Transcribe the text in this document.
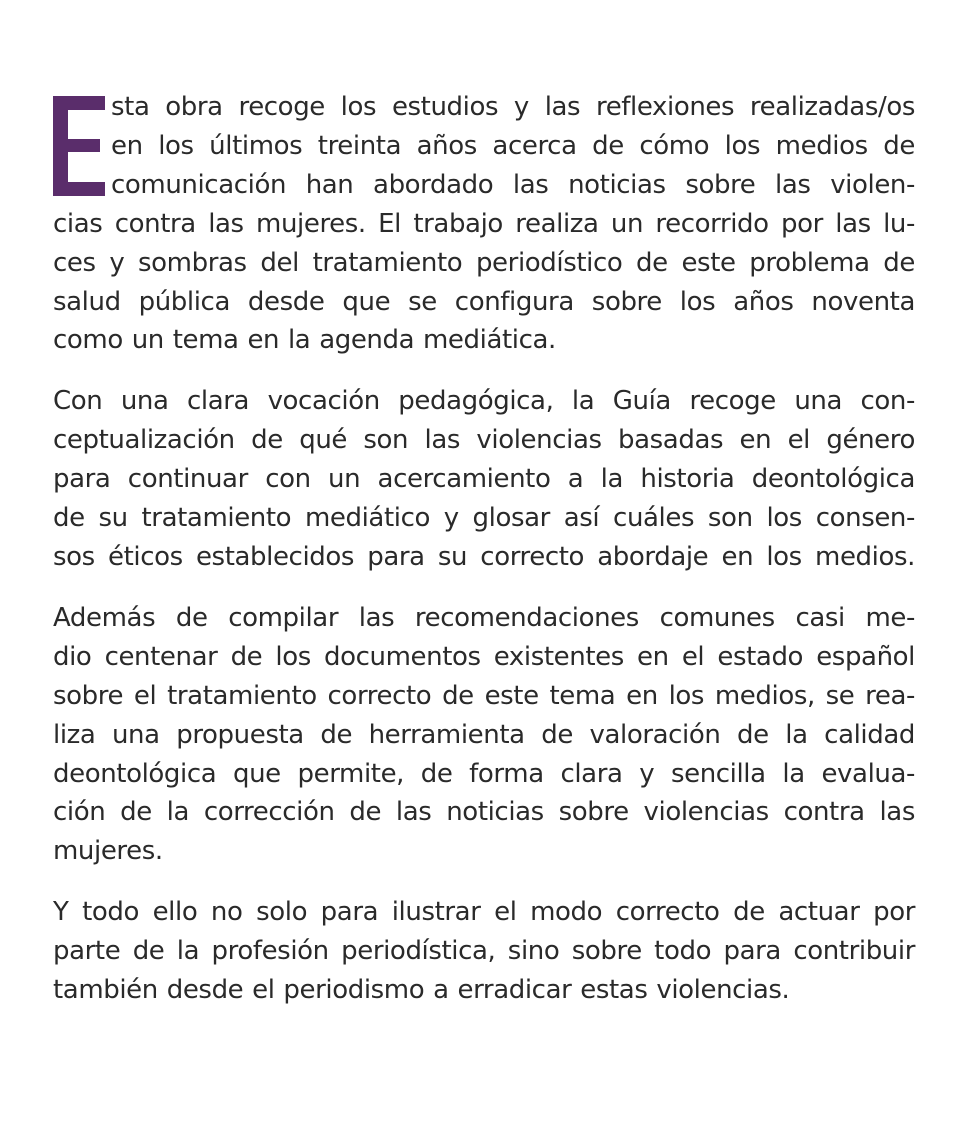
sta obra recoge los estudios y las reflexiones realizadas/os
en los últimos treinta años acerca de cómo los medios de
comunicación han abordado las noticias sobre las violen-
cias contra las mujeres. El trabajo realiza un recorrido por las lu-
ces y sombras del tratamiento periodístico de este problema de
salud pública desde que se configura sobre los años noventa
como un tema en la agenda mediática.
Con una clara vocación pedagógica, la Guía recoge una con-
ceptualización de qué son las violencias basadas en el género
para continuar con un acercamiento a la historia deontológica
de su tratamiento mediático y glosar así cuáles son los consen-
sos éticos establecidos para su correcto abordaje en los medios.
Además de compilar las recomendaciones comunes casi me-
dio centenar de los documentos existentes en el estado español
sobre el tratamiento correcto de este tema en los medios, se rea-
liza una propuesta de herramienta de valoración de la calidad
deontológica que permite, de forma clara y sencilla la evalua-
ción de la corrección de las noticias sobre violencias contra las
mujeres.
Y todo ello no solo para ilustrar el modo correcto de actuar por
parte de la profesión periodística, sino sobre todo para contribuir
también desde el periodismo a erradicar estas violencias.
